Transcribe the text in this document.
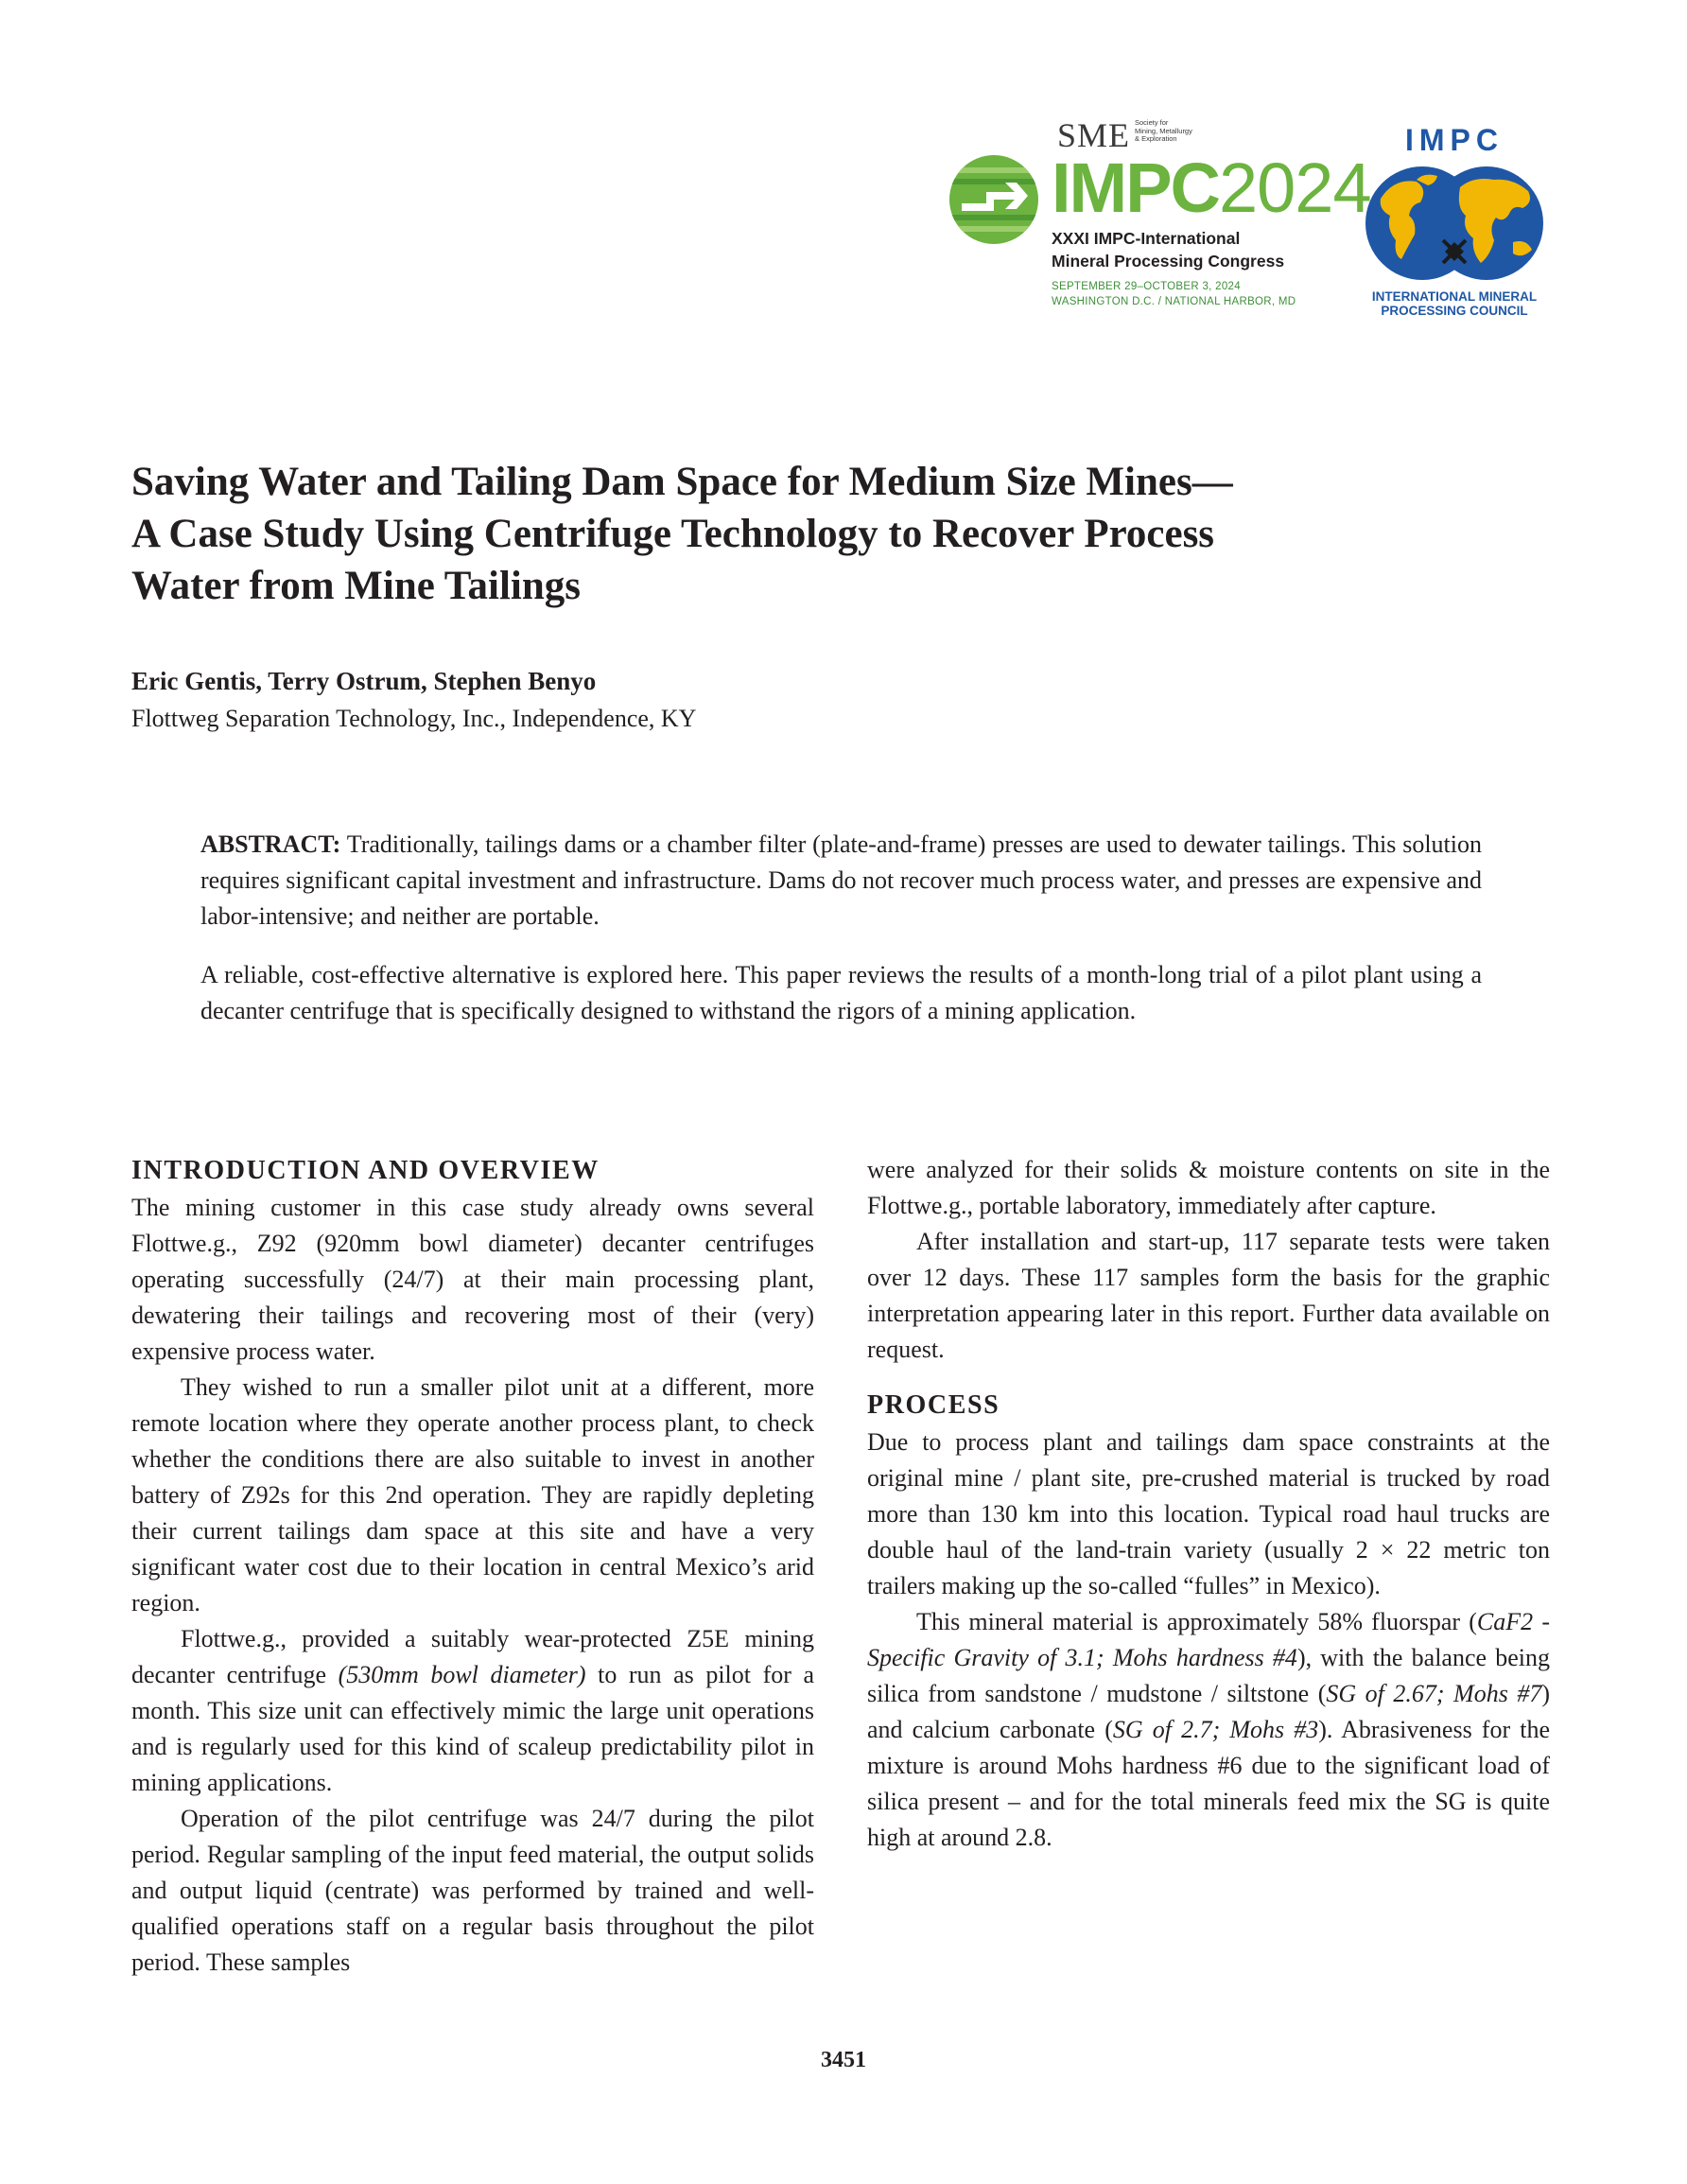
SME Society for
Mining, Metallurgy
& Exploration
IMPC2024
XXXI IMPC-International
Mineral Processing Congress
SEPTEMBER 29–OCTOBER 3, 2024
WASHINGTON D.C. / NATIONAL HARBOR, MD
IMPC
INTERNATIONAL MINERAL
PROCESSING COUNCIL
Saving Water and Tailing Dam Space for Medium Size Mines—
A Case Study Using Centrifuge Technology to Recover Process
Water from Mine Tailings
Eric Gentis, Terry Ostrum, Stephen Benyo
Flottweg Separation Technology, Inc., Independence, KY

ABSTRACT: Traditionally, tailings dams or a chamber filter (plate-and-frame) presses are used to dewater tailings. This solution requires significant capital investment and infrastructure. Dams do not recover much process water, and presses are expensive and labor-intensive; and neither are portable.

A reliable, cost-effective alternative is explored here. This paper reviews the results of a month-long trial of a pilot plant using a decanter centrifuge that is specifically designed to withstand the rigors of a mining application.

INTRODUCTION AND OVERVIEW

The mining customer in this case study already owns several Flottwe.g., Z92 (920mm bowl diameter) decanter centrifuges operating successfully (24/7) at their main processing plant, dewatering their tailings and recovering most of their (very) expensive process water.

They wished to run a smaller pilot unit at a different, more remote location where they operate another process plant, to check whether the conditions there are also suitable to invest in another battery of Z92s for this 2nd operation. They are rapidly depleting their current tailings dam space at this site and have a very significant water cost due to their location in central Mexico’s arid region.

Flottwe.g., provided a suitably wear-protected Z5E mining decanter centrifuge (530mm bowl diameter) to run as pilot for a month. This size unit can effectively mimic the large unit operations and is regularly used for this kind of scaleup predictability pilot in mining applications.

Operation of the pilot centrifuge was 24/7 during the pilot period. Regular sampling of the input feed material, the output solids and output liquid (centrate) was performed by trained and well-qualified operations staff on a regular basis throughout the pilot period. These samples

were analyzed for their solids & moisture contents on site in the Flottwe.g., portable laboratory, immediately after capture.

After installation and start-up, 117 separate tests were taken over 12 days. These 117 samples form the basis for the graphic interpretation appearing later in this report. Further data available on request.

PROCESS

Due to process plant and tailings dam space constraints at the original mine / plant site, pre-crushed material is trucked by road more than 130 km into this location. Typical road haul trucks are double haul of the land-train variety (usually 2 × 22 metric ton trailers making up the so-called “fulles” in Mexico).

This mineral material is approximately 58% fluorspar (CaF2 - Specific Gravity of 3.1; Mohs hardness #4), with the balance being silica from sandstone / mudstone / siltstone (SG of 2.67; Mohs #7) and calcium carbonate (SG of 2.7; Mohs #3). Abrasiveness for the mixture is around Mohs hardness #6 due to the significant load of silica present – and for the total minerals feed mix the SG is quite high at around 2.8.

3451
